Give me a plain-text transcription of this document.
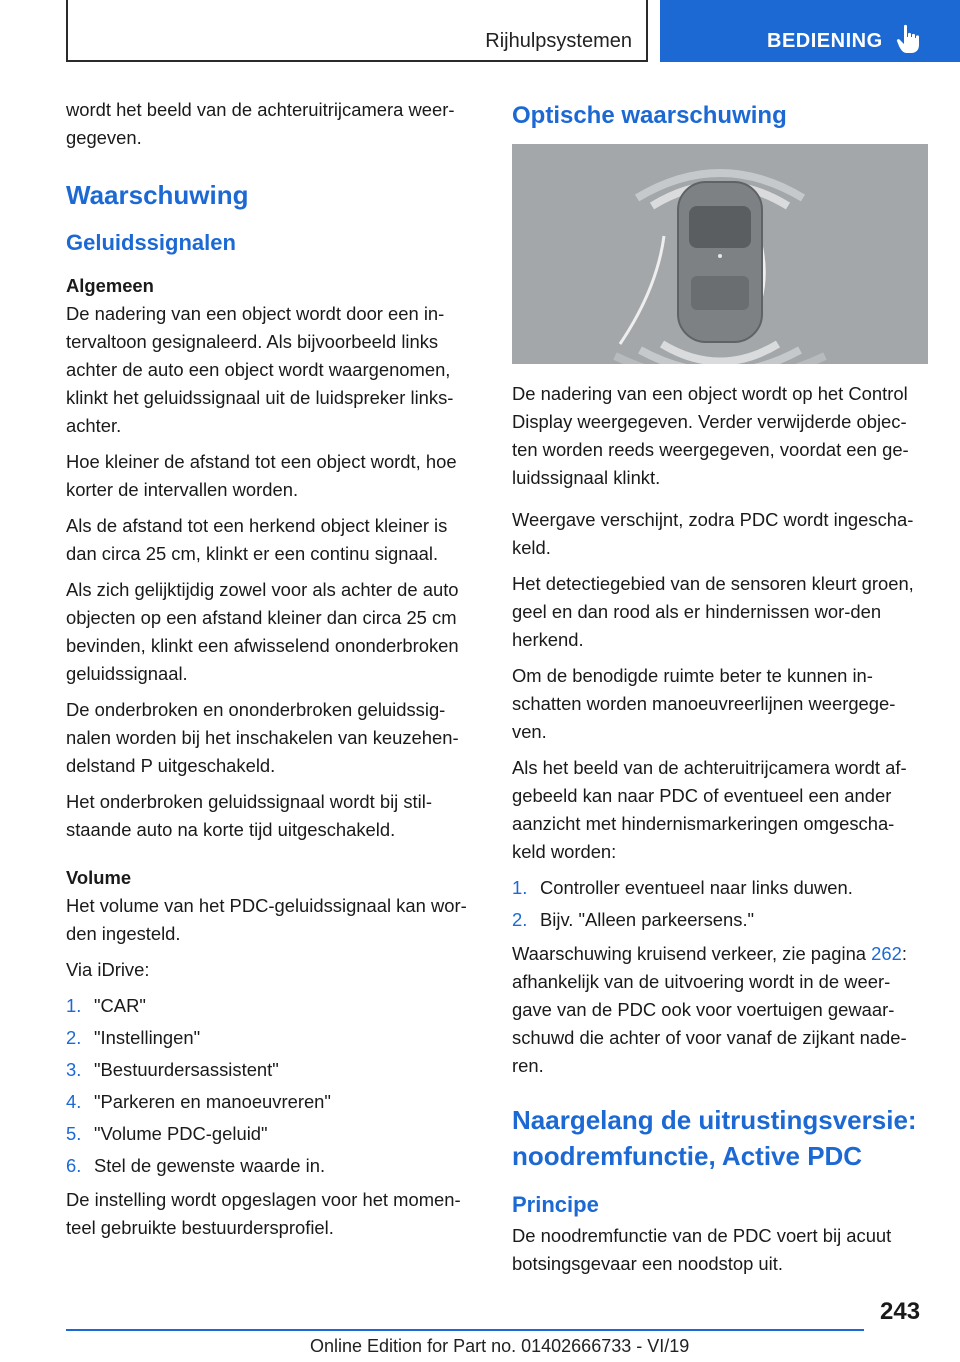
Rijhulpsystemen	BEDIENING

wordt het beeld van de achteruitrijcamera weer-gegeven.

Waarschuwing
Geluidssignalen
Algemeen

De nadering van een object wordt door een in-tervaltoon gesignaleerd. Als bijvoorbeeld links achter de auto een object wordt waargenomen, klinkt het geluidssignaal uit de luidspreker links-achter.

Hoe kleiner de afstand tot een object wordt, hoe korter de intervallen worden.

Als de afstand tot een herkend object kleiner is dan circa 25 cm, klinkt er een continu signaal.

Als zich gelijktijdig zowel voor als achter de auto objecten op een afstand kleiner dan circa 25 cm bevinden, klinkt een afwisselend ononderbroken geluidssignaal.

De onderbroken en ononderbroken geluidssig-nalen worden bij het inschakelen van keuzehen-delstand P uitgeschakeld.

Het onderbroken geluidssignaal wordt bij stil-staande auto na korte tijd uitgeschakeld.

Volume

Het volume van het PDC-geluidssignaal kan wor-den ingesteld.

Via iDrive:

1. "CAR"
2. "Instellingen"
3. "Bestuurdersassistent"
4. "Parkeren en manoeuvreren"
5. "Volume PDC-geluid"
6. Stel de gewenste waarde in.

De instelling wordt opgeslagen voor het momen-teel gebruikte bestuurdersprofiel.

Optische waarschuwing

De nadering van een object wordt op het Control Display weergegeven. Verder verwijderde objec-ten worden reeds weergegeven, voordat een ge-luidssignaal klinkt.

Weergave verschijnt, zodra PDC wordt ingescha-keld.

Het detectiegebied van de sensoren kleurt groen, geel en dan rood als er hindernissen wor-den herkend.

Om de benodigde ruimte beter te kunnen in-schatten worden manoeuvreerlijnen weergege-ven.

Als het beeld van de achteruitrijcamera wordt af-gebeeld kan naar PDC of eventueel een ander aanzicht met hindernismarkeringen omgescha-keld worden:

1. Controller eventueel naar links duwen.
2. Bijv. "Alleen parkeersens."

Waarschuwing kruisend verkeer, zie pagina 262: afhankelijk van de uitvoering wordt in de weer-gave van de PDC ook voor voertuigen gewaar-schuwd die achter of voor vanaf de zijkant nade-ren.

Naargelang de uitrustingsversie: noodremfunctie, Active PDC
Principe

De noodremfunctie van de PDC voert bij acuut botsingsgevaar een noodstop uit.

243
Online Edition for Part no. 01402666733 - VI/19
